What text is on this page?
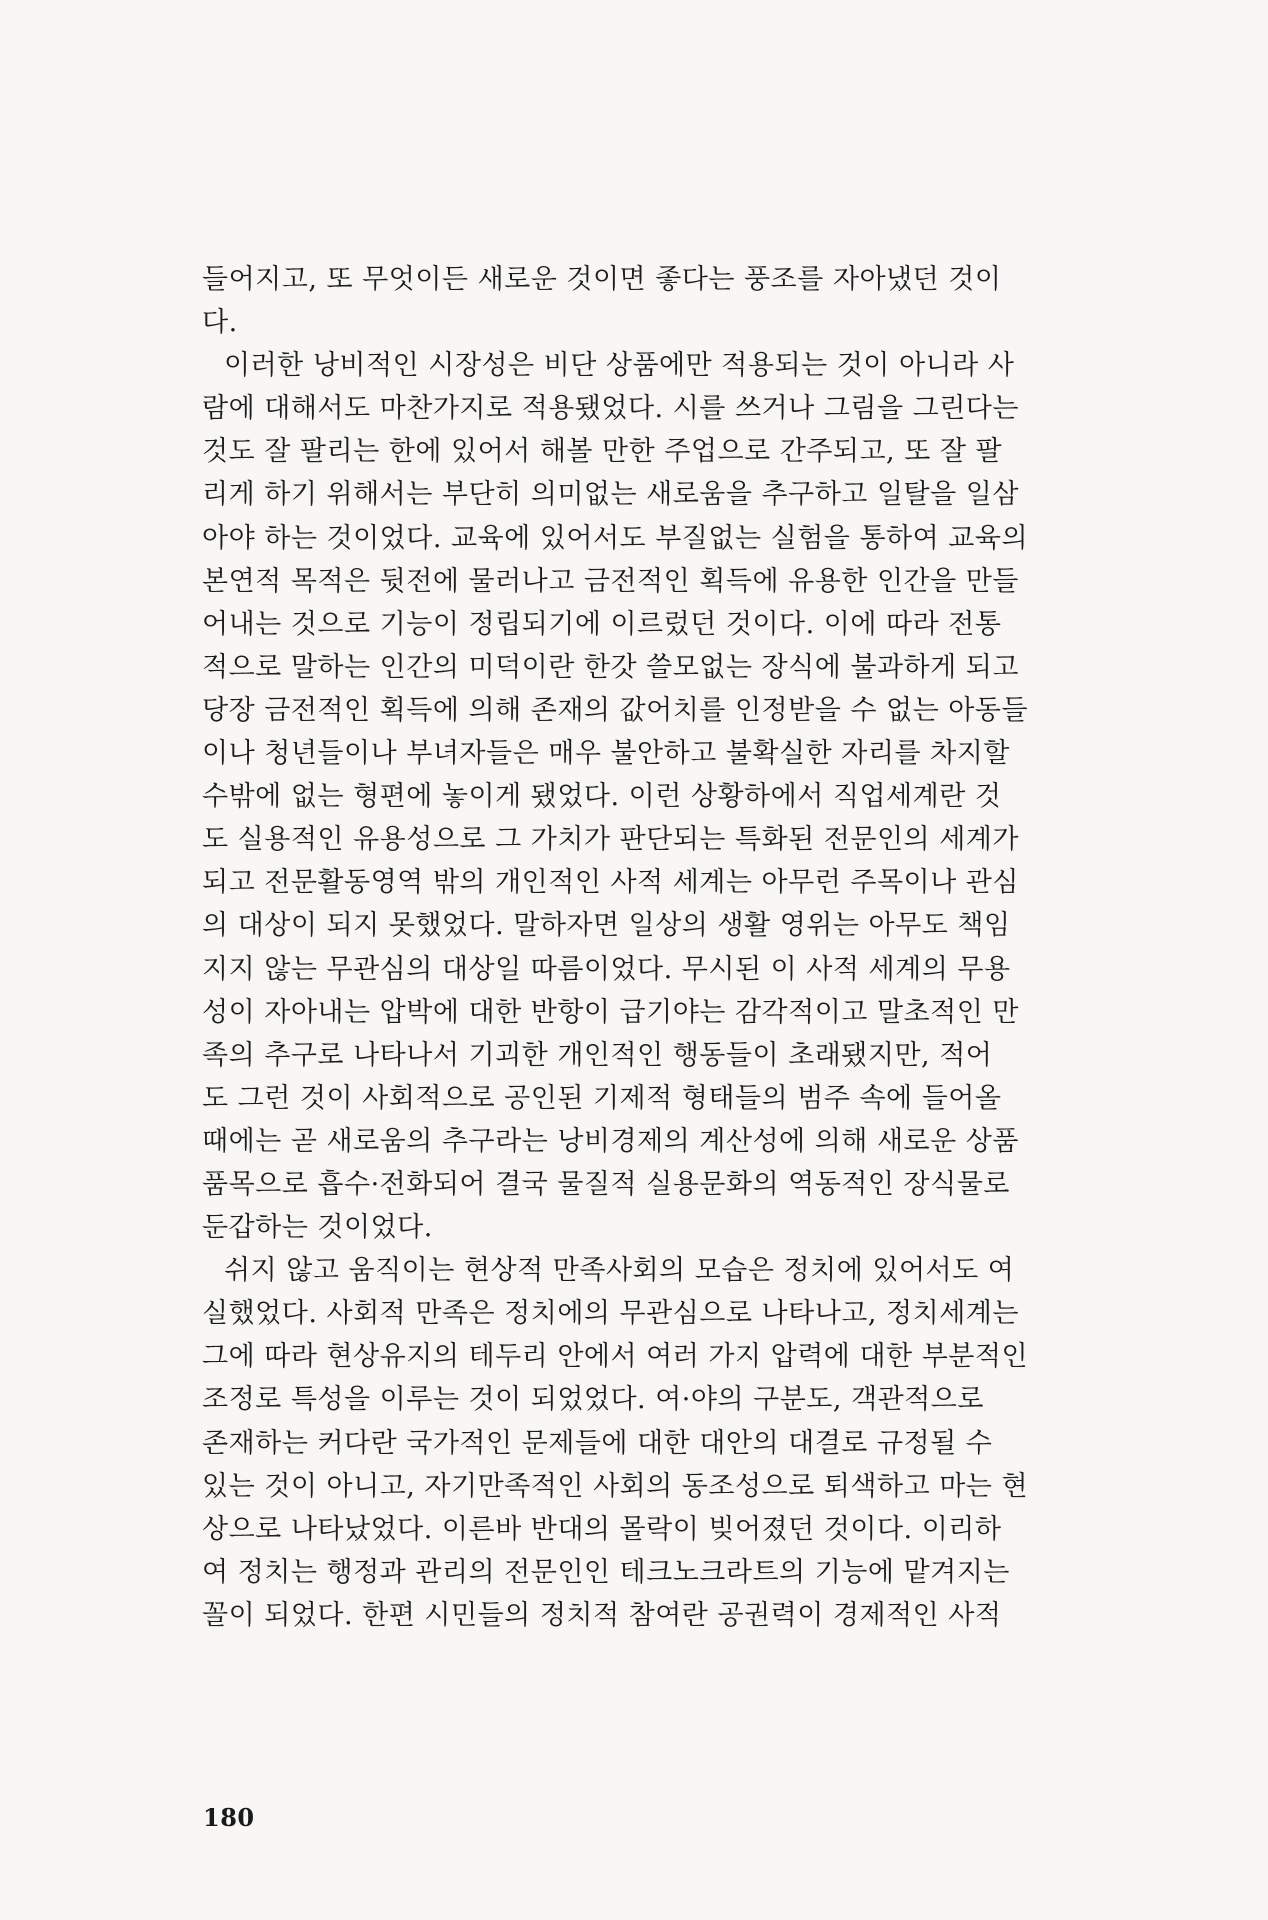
들어지고, 또 무엇이든 새로운 것이면 좋다는 풍조를 자아냈던 것이
다.
이러한 낭비적인 시장성은 비단 상품에만 적용되는 것이 아니라 사
람에 대해서도 마찬가지로 적용됐었다. 시를 쓰거나 그림을 그린다는
것도 잘 팔리는 한에 있어서 해볼 만한 주업으로 간주되고, 또 잘 팔
리게 하기 위해서는 부단히 의미없는 새로움을 추구하고 일탈을 일삼
아야 하는 것이었다. 교육에 있어서도 부질없는 실험을 통하여 교육의
본연적 목적은 뒷전에 물러나고 금전적인 획득에 유용한 인간을 만들
어내는 것으로 기능이 정립되기에 이르렀던 것이다. 이에 따라 전통
적으로 말하는 인간의 미덕이란 한갓 쓸모없는 장식에 불과하게 되고
당장 금전적인 획득에 의해 존재의 값어치를 인정받을 수 없는 아동들
이나 청년들이나 부녀자들은 매우 불안하고 불확실한 자리를 차지할
수밖에 없는 형편에 놓이게 됐었다. 이런 상황하에서 직업세계란 것
도 실용적인 유용성으로 그 가치가 판단되는 특화된 전문인의 세계가
되고 전문활동영역 밖의 개인적인 사적 세계는 아무런 주목이나 관심
의 대상이 되지 못했었다. 말하자면 일상의 생활 영위는 아무도 책임
지지 않는 무관심의 대상일 따름이었다. 무시된 이 사적 세계의 무용
성이 자아내는 압박에 대한 반항이 급기야는 감각적이고 말초적인 만
족의 추구로 나타나서 기괴한 개인적인 행동들이 초래됐지만, 적어
도 그런 것이 사회적으로 공인된 기제적 형태들의 범주 속에 들어올
때에는 곧 새로움의 추구라는 낭비경제의 계산성에 의해 새로운 상품
품목으로 흡수·전화되어 결국 물질적 실용문화의 역동적인 장식물로
둔갑하는 것이었다.
쉬지 않고 움직이는 현상적 만족사회의 모습은 정치에 있어서도 여
실했었다. 사회적 만족은 정치에의 무관심으로 나타나고, 정치세계는
그에 따라 현상유지의 테두리 안에서 여러 가지 압력에 대한 부분적인
조정로 특성을 이루는 것이 되었었다. 여·야의 구분도, 객관적으로
존재하는 커다란 국가적인 문제들에 대한 대안의 대결로 규정될 수
있는 것이 아니고, 자기만족적인 사회의 동조성으로 퇴색하고 마는 현
상으로 나타났었다. 이른바 반대의 몰락이 빚어졌던 것이다. 이리하
여 정치는 행정과 관리의 전문인인 테크노크라트의 기능에 맡겨지는
꼴이 되었다. 한편 시민들의 정치적 참여란 공권력이 경제적인 사적
180
